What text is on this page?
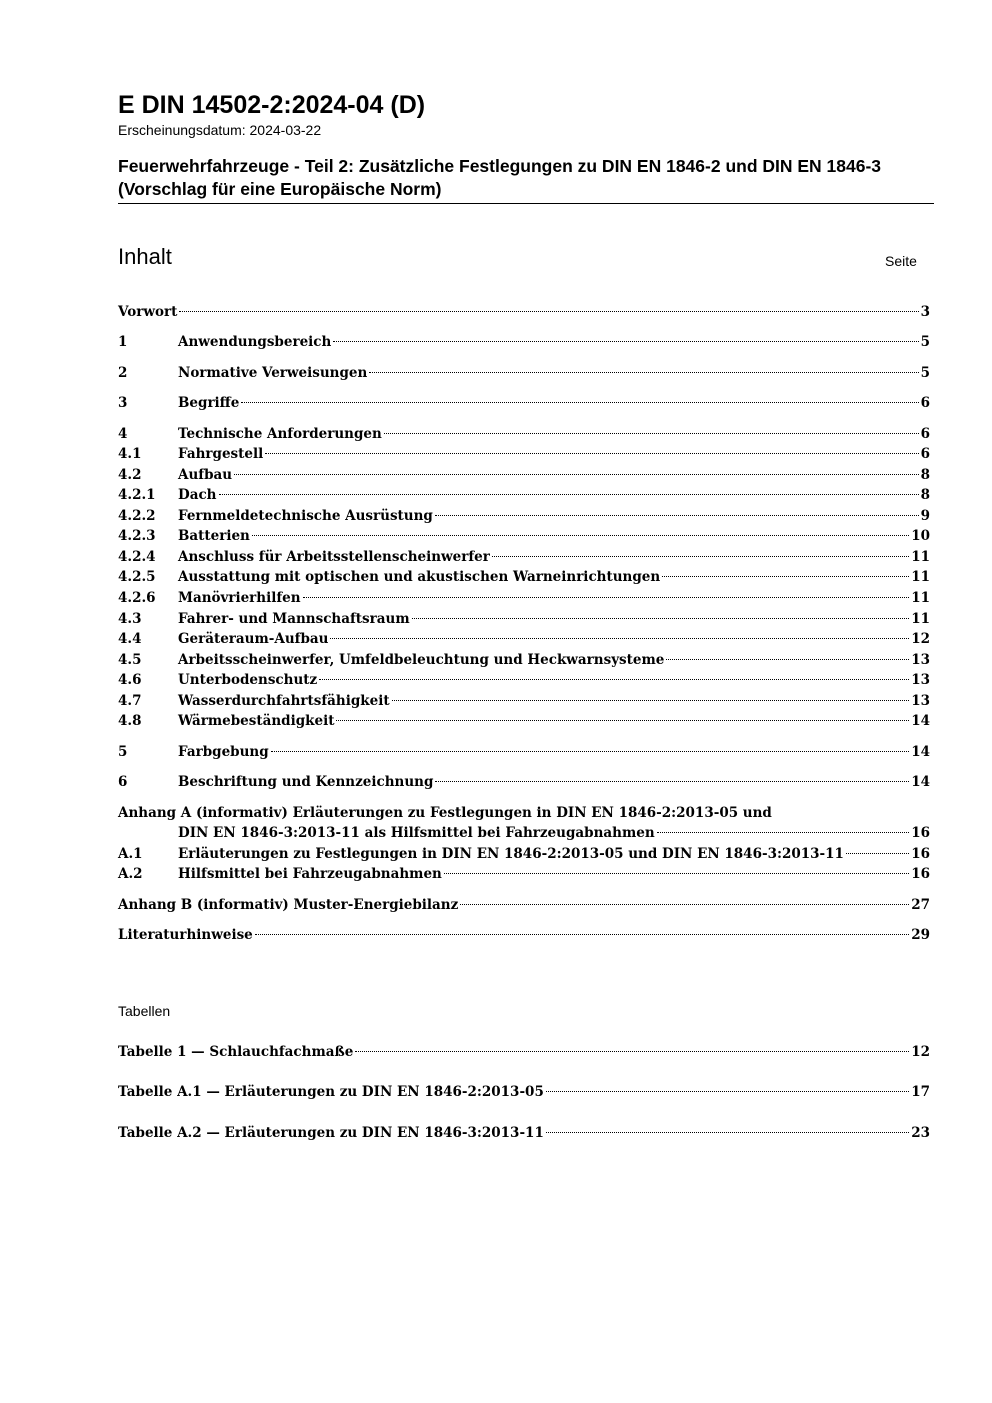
E DIN 14502-2:2024-04 (D)
Erscheinungsdatum: 2024-03-22
Feuerwehrfahrzeuge - Teil 2: Zusätzliche Festlegungen zu DIN EN 1846-2 und DIN EN 1846-3 (Vorschlag für eine Europäische Norm)
Inhalt	Seite
Vorwort	3
1	Anwendungsbereich	5
2	Normative Verweisungen	5
3	Begriffe	6
4	Technische Anforderungen	6
4.1	Fahrgestell	6
4.2	Aufbau	8
4.2.1	Dach	8
4.2.2	Fernmeldetechnische Ausrüstung	9
4.2.3	Batterien	10
4.2.4	Anschluss für Arbeitsstellenscheinwerfer	11
4.2.5	Ausstattung mit optischen und akustischen Warneinrichtungen	11
4.2.6	Manövrierhilfen	11
4.3	Fahrer- und Mannschaftsraum	11
4.4	Geräteraum-Aufbau	12
4.5	Arbeitsscheinwerfer, Umfeldbeleuchtung und Heckwarnsysteme	13
4.6	Unterbodenschutz	13
4.7	Wasserdurchfahrtsfähigkeit	13
4.8	Wärmebeständigkeit	14
5	Farbgebung	14
6	Beschriftung und Kennzeichnung	14
Anhang A (informativ) Erläuterungen zu Festlegungen in DIN EN 1846-2:2013-05 und
DIN EN 1846-3:2013-11 als Hilfsmittel bei Fahrzeugabnahmen	16
A.1	Erläuterungen zu Festlegungen in DIN EN 1846-2:2013-05 und DIN EN 1846-3:2013-11	16
A.2	Hilfsmittel bei Fahrzeugabnahmen	16
Anhang B (informativ) Muster-Energiebilanz	27
Literaturhinweise	29
Tabellen
Tabelle 1 — Schlauchfachmaße	12
Tabelle A.1 — Erläuterungen zu DIN EN 1846-2:2013-05	17
Tabelle A.2 — Erläuterungen zu DIN EN 1846-3:2013-11	23
